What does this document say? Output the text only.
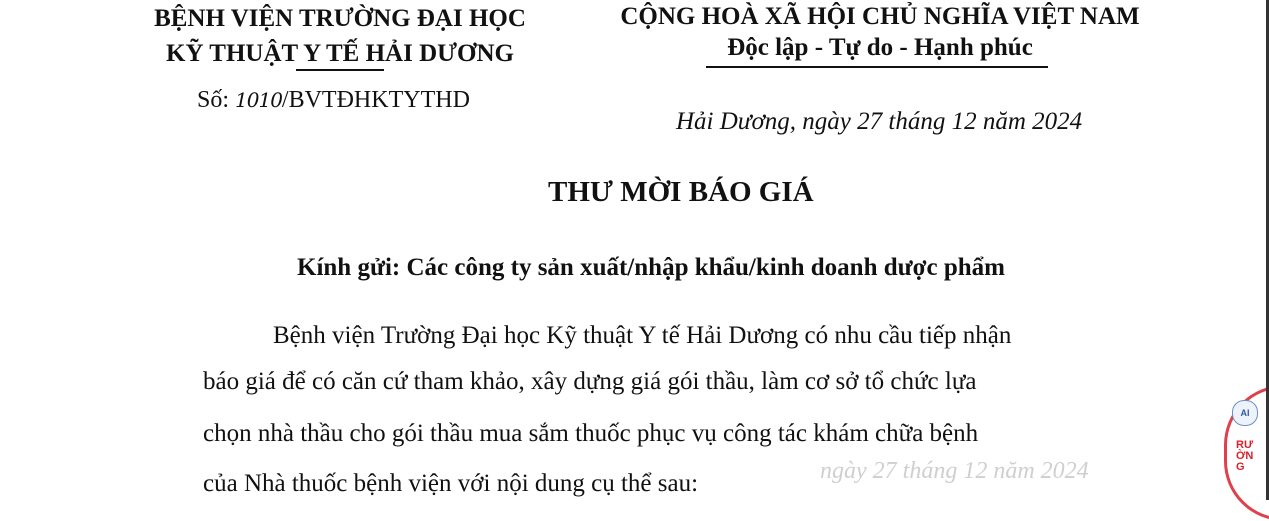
BỆNH VIỆN TRƯỜNG ĐẠI HỌC
KỸ THUẬT Y TẾ HẢI DƯƠNG
Số: 1010/BVTĐHKTYTHD
CỘNG HOÀ XÃ HỘI CHỦ NGHĨA VIỆT NAM
Độc lập - Tự do - Hạnh phúc
Hải Dương, ngày 27 tháng 12 năm 2024
THƯ MỜI BÁO GIÁ
Kính gửi: Các công ty sản xuất/nhập khẩu/kinh doanh dược phẩm
Bệnh viện Trường Đại học Kỹ thuật Y tế Hải Dương có nhu cầu tiếp nhận
báo giá để có căn cứ tham khảo, xây dựng giá gói thầu, làm cơ sở tổ chức lựa
chọn nhà thầu cho gói thầu mua sắm thuốc phục vụ công tác khám chữa bệnh
ngày 27 tháng 12 năm 2024
của Nhà thuốc bệnh viện với nội dung cụ thể sau:
RƯỜNG
AI
